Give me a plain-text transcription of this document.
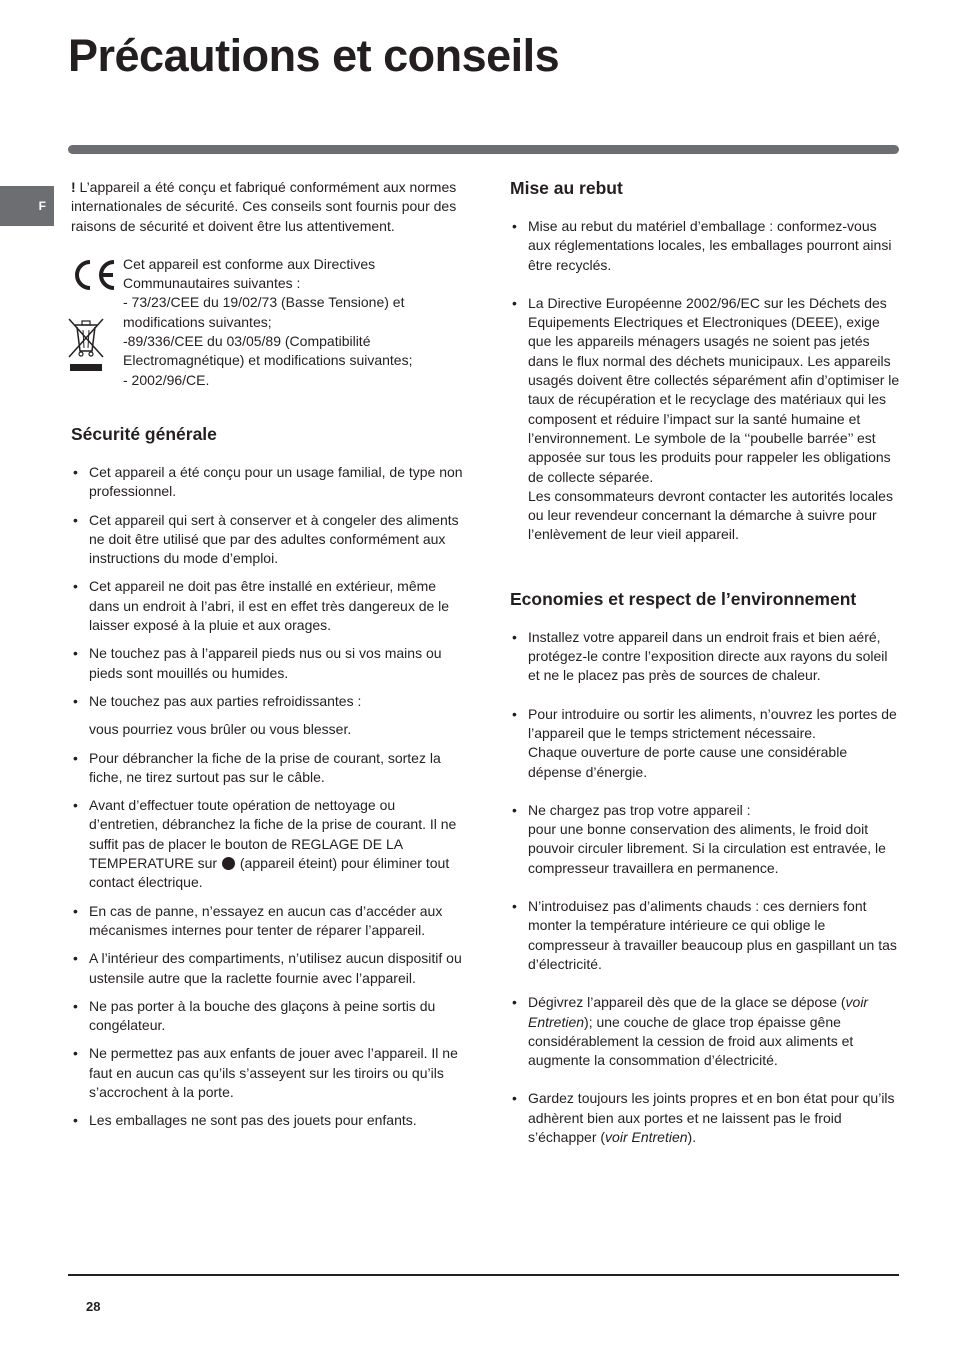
Précautions et conseils
F

! L’appareil a été conçu et fabriqué conformément aux normes internationales de sécurité. Ces conseils sont fournis pour des raisons de sécurité et doivent être lus attentivement.

Cet appareil est conforme aux Directives

Communautaires suivantes :

- 73/23/CEE du 19/02/73 (Basse Tensione) et modifications suivantes;

-89/336/CEE du 03/05/89 (Compatibilité Electromagnétique) et modifications suivantes;

- 2002/96/CE.

Sécurité générale
• Cet appareil a été conçu pour un usage familial, de type non professionnel.
• Cet appareil qui sert à conserver et à congeler des aliments ne doit être utilisé que par des adultes conformément aux instructions du mode d’emploi.
• Cet appareil ne doit pas être installé en extérieur, même dans un endroit à l’abri, il est en effet très dangereux de le laisser exposé à la pluie et aux orages.
• Ne touchez pas à l’appareil pieds nus ou si vos mains ou pieds sont mouillés ou humides.
• Ne touchez pas aux parties refroidissantes :

vous pourriez vous brûler ou vous blesser.

• Pour débrancher la fiche de la prise de courant, sortez la fiche, ne tirez surtout pas sur le câble.
• Avant d’effectuer toute opération de nettoyage ou d’entretien, débranchez la fiche de la prise de courant. Il ne suffit pas de placer le bouton de REGLAGE DE LA TEMPERATURE sur  (appareil éteint) pour éliminer tout contact électrique.
• En cas de panne, n’essayez en aucun cas d’accéder aux mécanismes internes pour tenter de réparer l’appareil.
• A l’intérieur des compartiments, n’utilisez aucun dispositif ou ustensile autre que la raclette fournie avec l’appareil.
• Ne pas porter à la bouche des glaçons à peine sortis du congélateur.
• Ne permettez pas aux enfants de jouer avec l’appareil. Il ne faut en aucun cas qu’ils s’asseyent sur les tiroirs ou qu’ils s’accrochent à la porte.
• Les emballages ne sont pas des jouets pour enfants.
Mise au rebut
• Mise au rebut du matériel d’emballage : conformez-vous aux réglementations locales, les emballages pourront ainsi être recyclés.
• La Directive Européenne 2002/96/EC sur les Déchets des Equipements Electriques et Electroniques (DEEE), exige que les appareils ménagers usagés ne soient pas jetés dans le flux normal des déchets municipaux. Les appareils usagés doivent être collectés séparément afin d’optimiser le taux de récupération et le recyclage des matériaux qui les composent et réduire l’impact sur la santé humaine et l’environnement. Le symbole de la ‘‘poubelle barrée’’ est apposée sur tous les produits pour rappeler les obligations de collecte séparée.
Les consommateurs devront contacter les autorités locales ou leur revendeur concernant la démarche à suivre pour l’enlèvement de leur vieil appareil.
Economies et respect de l’environnement
• Installez votre appareil dans un endroit frais et bien aéré, protégez-le contre l’exposition directe aux rayons du soleil et ne le placez pas près de sources de chaleur.
• Pour introduire ou sortir les aliments, n’ouvrez les portes de l’appareil que le temps strictement nécessaire.
Chaque ouverture de porte cause une considérable dépense d’énergie.
• Ne chargez pas trop votre appareil :
pour une bonne conservation des aliments, le froid doit pouvoir circuler librement. Si la circulation est entravée, le compresseur travaillera en permanence.
• N’introduisez pas d’aliments chauds : ces derniers font monter la température intérieure ce qui oblige le compresseur à travailler beaucoup plus en gaspillant un tas d’électricité.
• Dégivrez l’appareil dès que de la glace se dépose (voir Entretien); une couche de glace trop épaisse gêne considérablement la cession de froid aux aliments et augmente la consommation d’électricité.
• Gardez toujours les joints propres et en bon état pour qu’ils adhèrent bien aux portes et ne laissent pas le froid s’échapper (voir Entretien).
28
